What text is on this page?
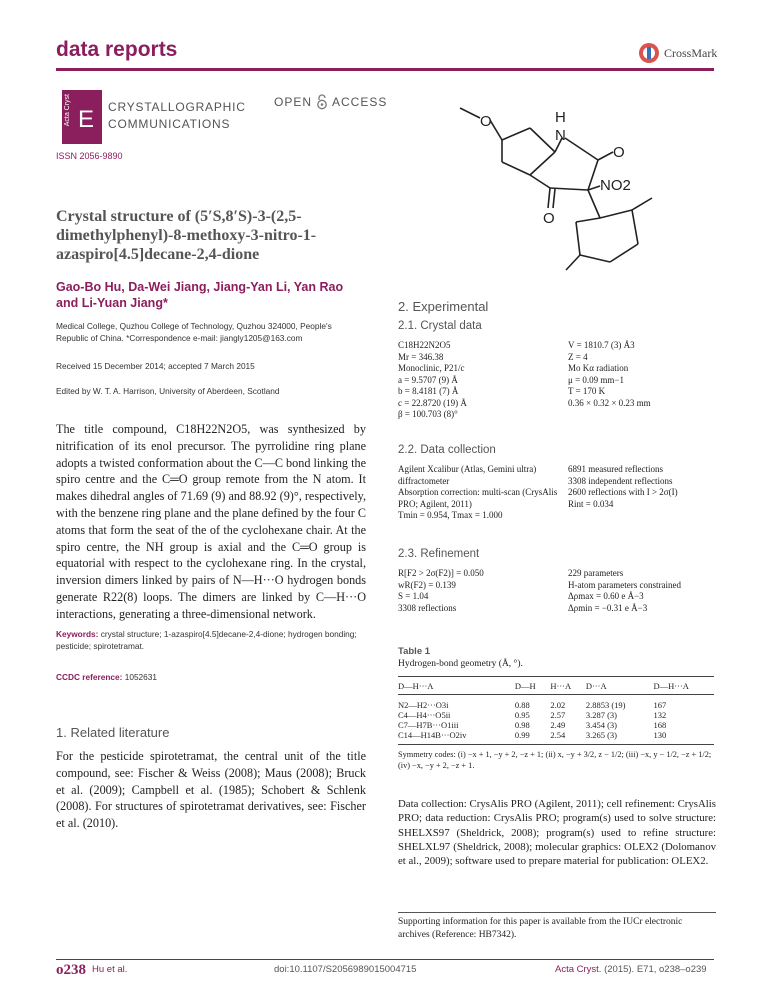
data reports	CrossMark
Acta Cryst E CRYSTALLOGRAPHIC
COMMUNICATIONS
OPEN ACCESS
ISSN 2056-9890
Crystal structure of (5′S,8′S)-3-(2,5-dimethylphenyl)-8-methoxy-3-nitro-1-azaspiro[4.5]decane-2,4-dione
Gao-Bo Hu, Da-Wei Jiang, Jiang-Yan Li, Yan Rao and Li-Yuan Jiang*
Medical College, Quzhou College of Technology, Quzhou 324000, People's Republic of China. *Correspondence e-mail: jiangly1205@163.com
Received 15 December 2014; accepted 7 March 2015
Edited by W. T. A. Harrison, University of Aberdeen, Scotland
The title compound, C18H22N2O5, was synthesized by nitrification of its enol precursor. The pyrrolidine ring plane adopts a twisted conformation about the C—C bond linking the spiro centre and the C═O group remote from the N atom. It makes dihedral angles of 71.69 (9) and 88.92 (9)°, respectively, with the benzene ring plane and the plane defined by the four C atoms that form the seat of the of the cyclohexane chair. At the spiro centre, the NH group is axial and the C═O group is equatorial with respect to the cyclohexane ring. In the crystal, inversion dimers linked by pairs of N—H···O hydrogen bonds generate R22(8) loops. The dimers are linked by C—H···O interactions, generating a three-dimensional network.
Keywords: crystal structure; 1-azaspiro[4.5]decane-2,4-dione; hydrogen bonding; pesticide; spirotetramat.
CCDC reference: 1052631
1. Related literature
For the pesticide spirotetramat, the central unit of the title compound, see: Fischer & Weiss (2008); Maus (2008); Bruck et al. (2009); Campbell et al. (1985); Schobert & Schlenk (2008). For structures of spirotetramat derivatives, see: Fischer et al. (2010).
O
N
H
O
NO2
O
2. Experimental
2.1. Crystal data
C18H22N2O5
Mr = 346.38
Monoclinic, P21/c
a = 9.5707 (9) Å
b = 8.4181 (7) Å
c = 22.8720 (19) Å
β = 100.703 (8)°
V = 1810.7 (3) Å3
Z = 4
Mo Kα radiation
μ = 0.09 mm−1
T = 170 K
0.36 × 0.32 × 0.23 mm
2.2. Data collection
Agilent Xcalibur (Atlas, Gemini ultra) diffractometer
Absorption correction: multi-scan (CrysAlis PRO; Agilent, 2011)
Tmin = 0.954, Tmax = 1.000
6891 measured reflections
3308 independent reflections
2600 reflections with I > 2σ(I)
Rint = 0.034
2.3. Refinement
R[F2 > 2σ(F2)] = 0.050
wR(F2) = 0.139
S = 1.04
3308 reflections
229 parameters
H-atom parameters constrained
Δρmax = 0.60 e Å−3
Δρmin = −0.31 e Å−3
Table 1
Hydrogen-bond geometry (Å, °).
D—H···A	D—H	H···A	D···A	D—H···A
N2—H2···O3i	0.88	2.02	2.8853 (19)	167
C4—H4···O5ii	0.95	2.57	3.287 (3)	132
C7—H7B···O1iii	0.98	2.49	3.454 (3)	168
C14—H14B···O2iv	0.99	2.54	3.265 (3)	130
Symmetry codes: (i) −x + 1, −y + 2, −z + 1; (ii) x, −y + 3/2, z − 1/2; (iii) −x, y − 1/2, −z + 1/2; (iv) −x, −y + 2, −z + 1.
Data collection: CrysAlis PRO (Agilent, 2011); cell refinement: CrysAlis PRO; data reduction: CrysAlis PRO; program(s) used to solve structure: SHELXS97 (Sheldrick, 2008); program(s) used to refine structure: SHELXL97 (Sheldrick, 2008); molecular graphics: OLEX2 (Dolomanov et al., 2009); software used to prepare material for publication: OLEX2.
Supporting information for this paper is available from the IUCr electronic archives (Reference: HB7342).
o238 Hu et al.	doi:10.1107/S2056989015004715	Acta Cryst. (2015). E71, o238–o239
